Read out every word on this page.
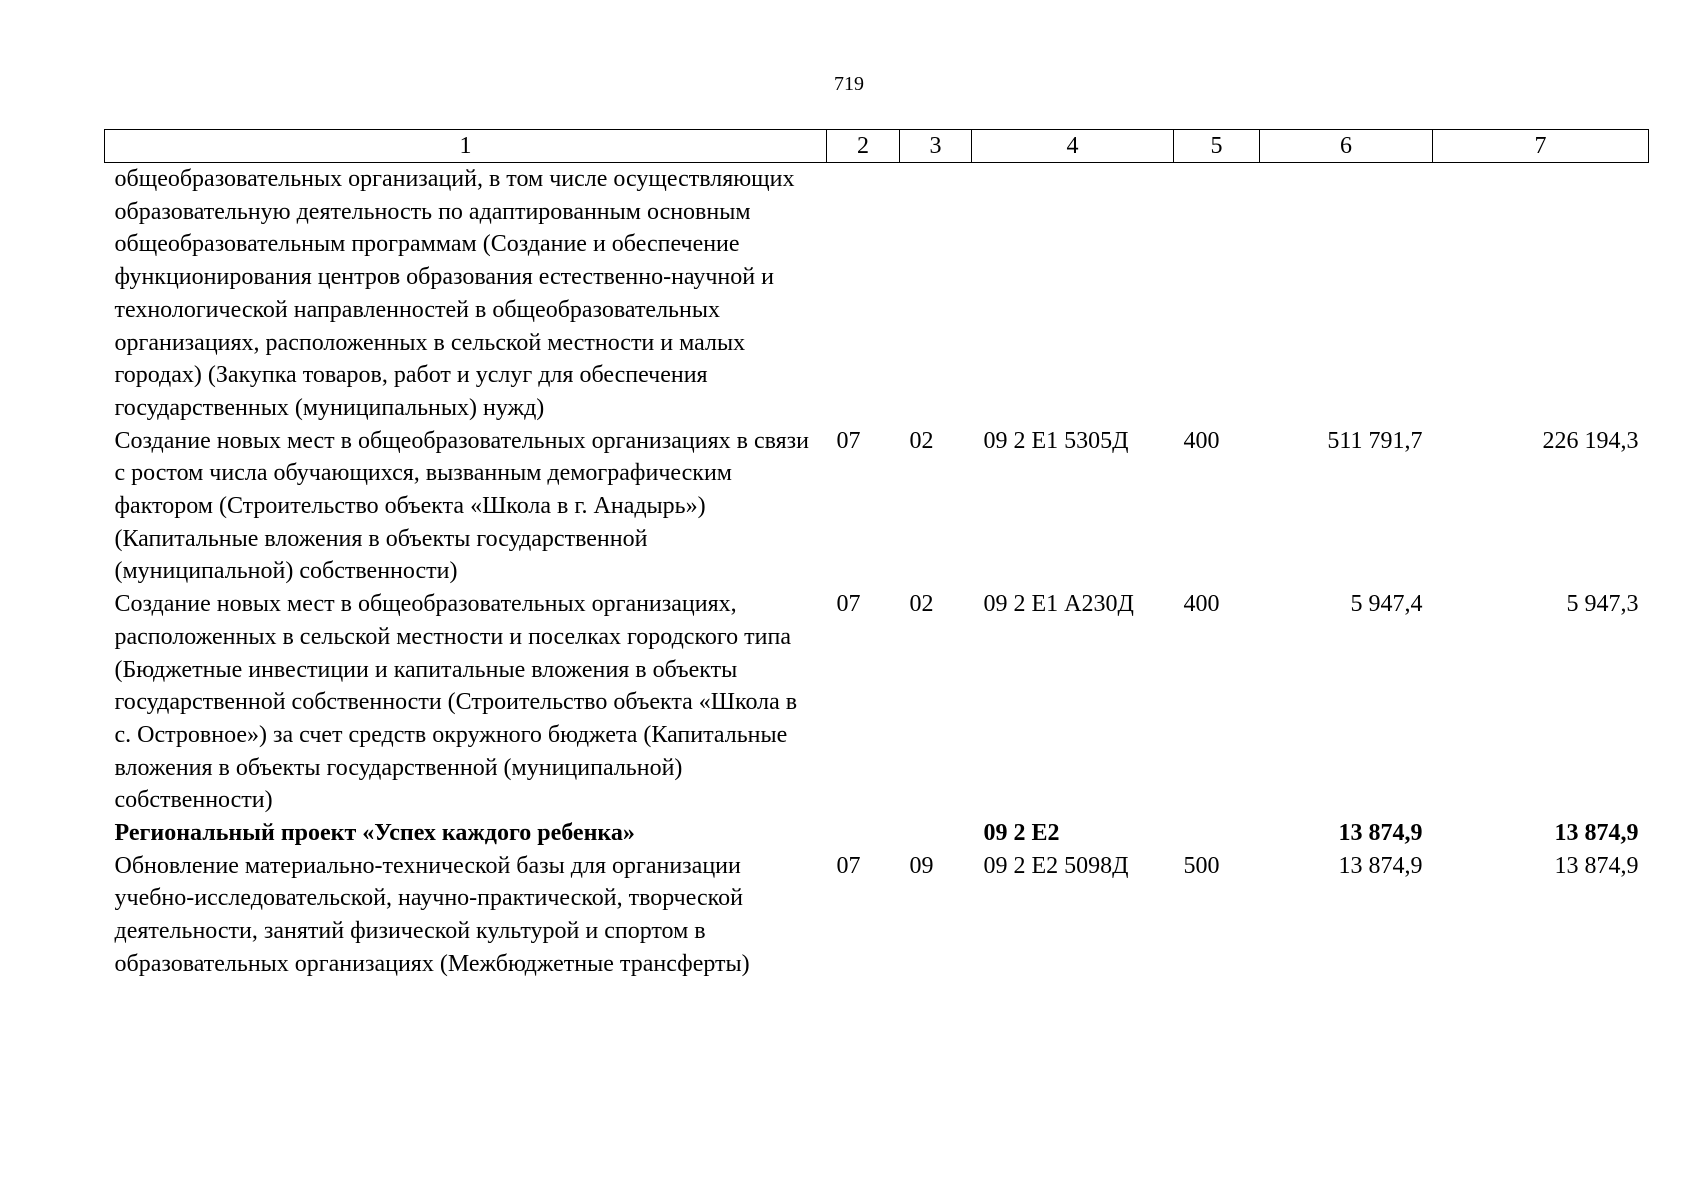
719
1	2	3	4	5	6	7
общеобразовательных организаций, в том числе осуществляющих образовательную деятельность по адаптированным основным общеобразовательным программам (Создание и обеспечение функционирования центров образования естественно-научной и технологической направленностей в общеобразовательных организациях, расположенных в сельской местности и малых городах) (Закупка товаров, работ и услуг для обеспечения государственных (муниципальных) нужд)						
Создание новых мест в общеобразовательных организациях в связи с ростом числа обучающихся, вызванным демографическим фактором (Строительство объекта «Школа в г. Анадырь») (Капитальные вложения в объекты государственной (муниципальной) собственности)	07	02	09 2 E1 5305Д	400	511 791,7	226 194,3
Создание новых мест в общеобразовательных организациях, расположенных в сельской местности и поселках городского типа (Бюджетные инвестиции и капитальные вложения в объекты государственной собственности (Строительство объекта «Школа в с. Островное») за счет средств окружного бюджета (Капитальные вложения в объекты государственной (муниципальной) собственности)	07	02	09 2 E1 А230Д	400	5 947,4	5 947,3
Региональный проект «Успех каждого ребенка»			09 2 E2		13 874,9	13 874,9
Обновление материально-технической базы для организации учебно-исследовательской, научно-практической, творческой деятельности, занятий физической культурой и спортом в образовательных организациях (Межбюджетные трансферты)	07	09	09 2 E2 5098Д	500	13 874,9	13 874,9
